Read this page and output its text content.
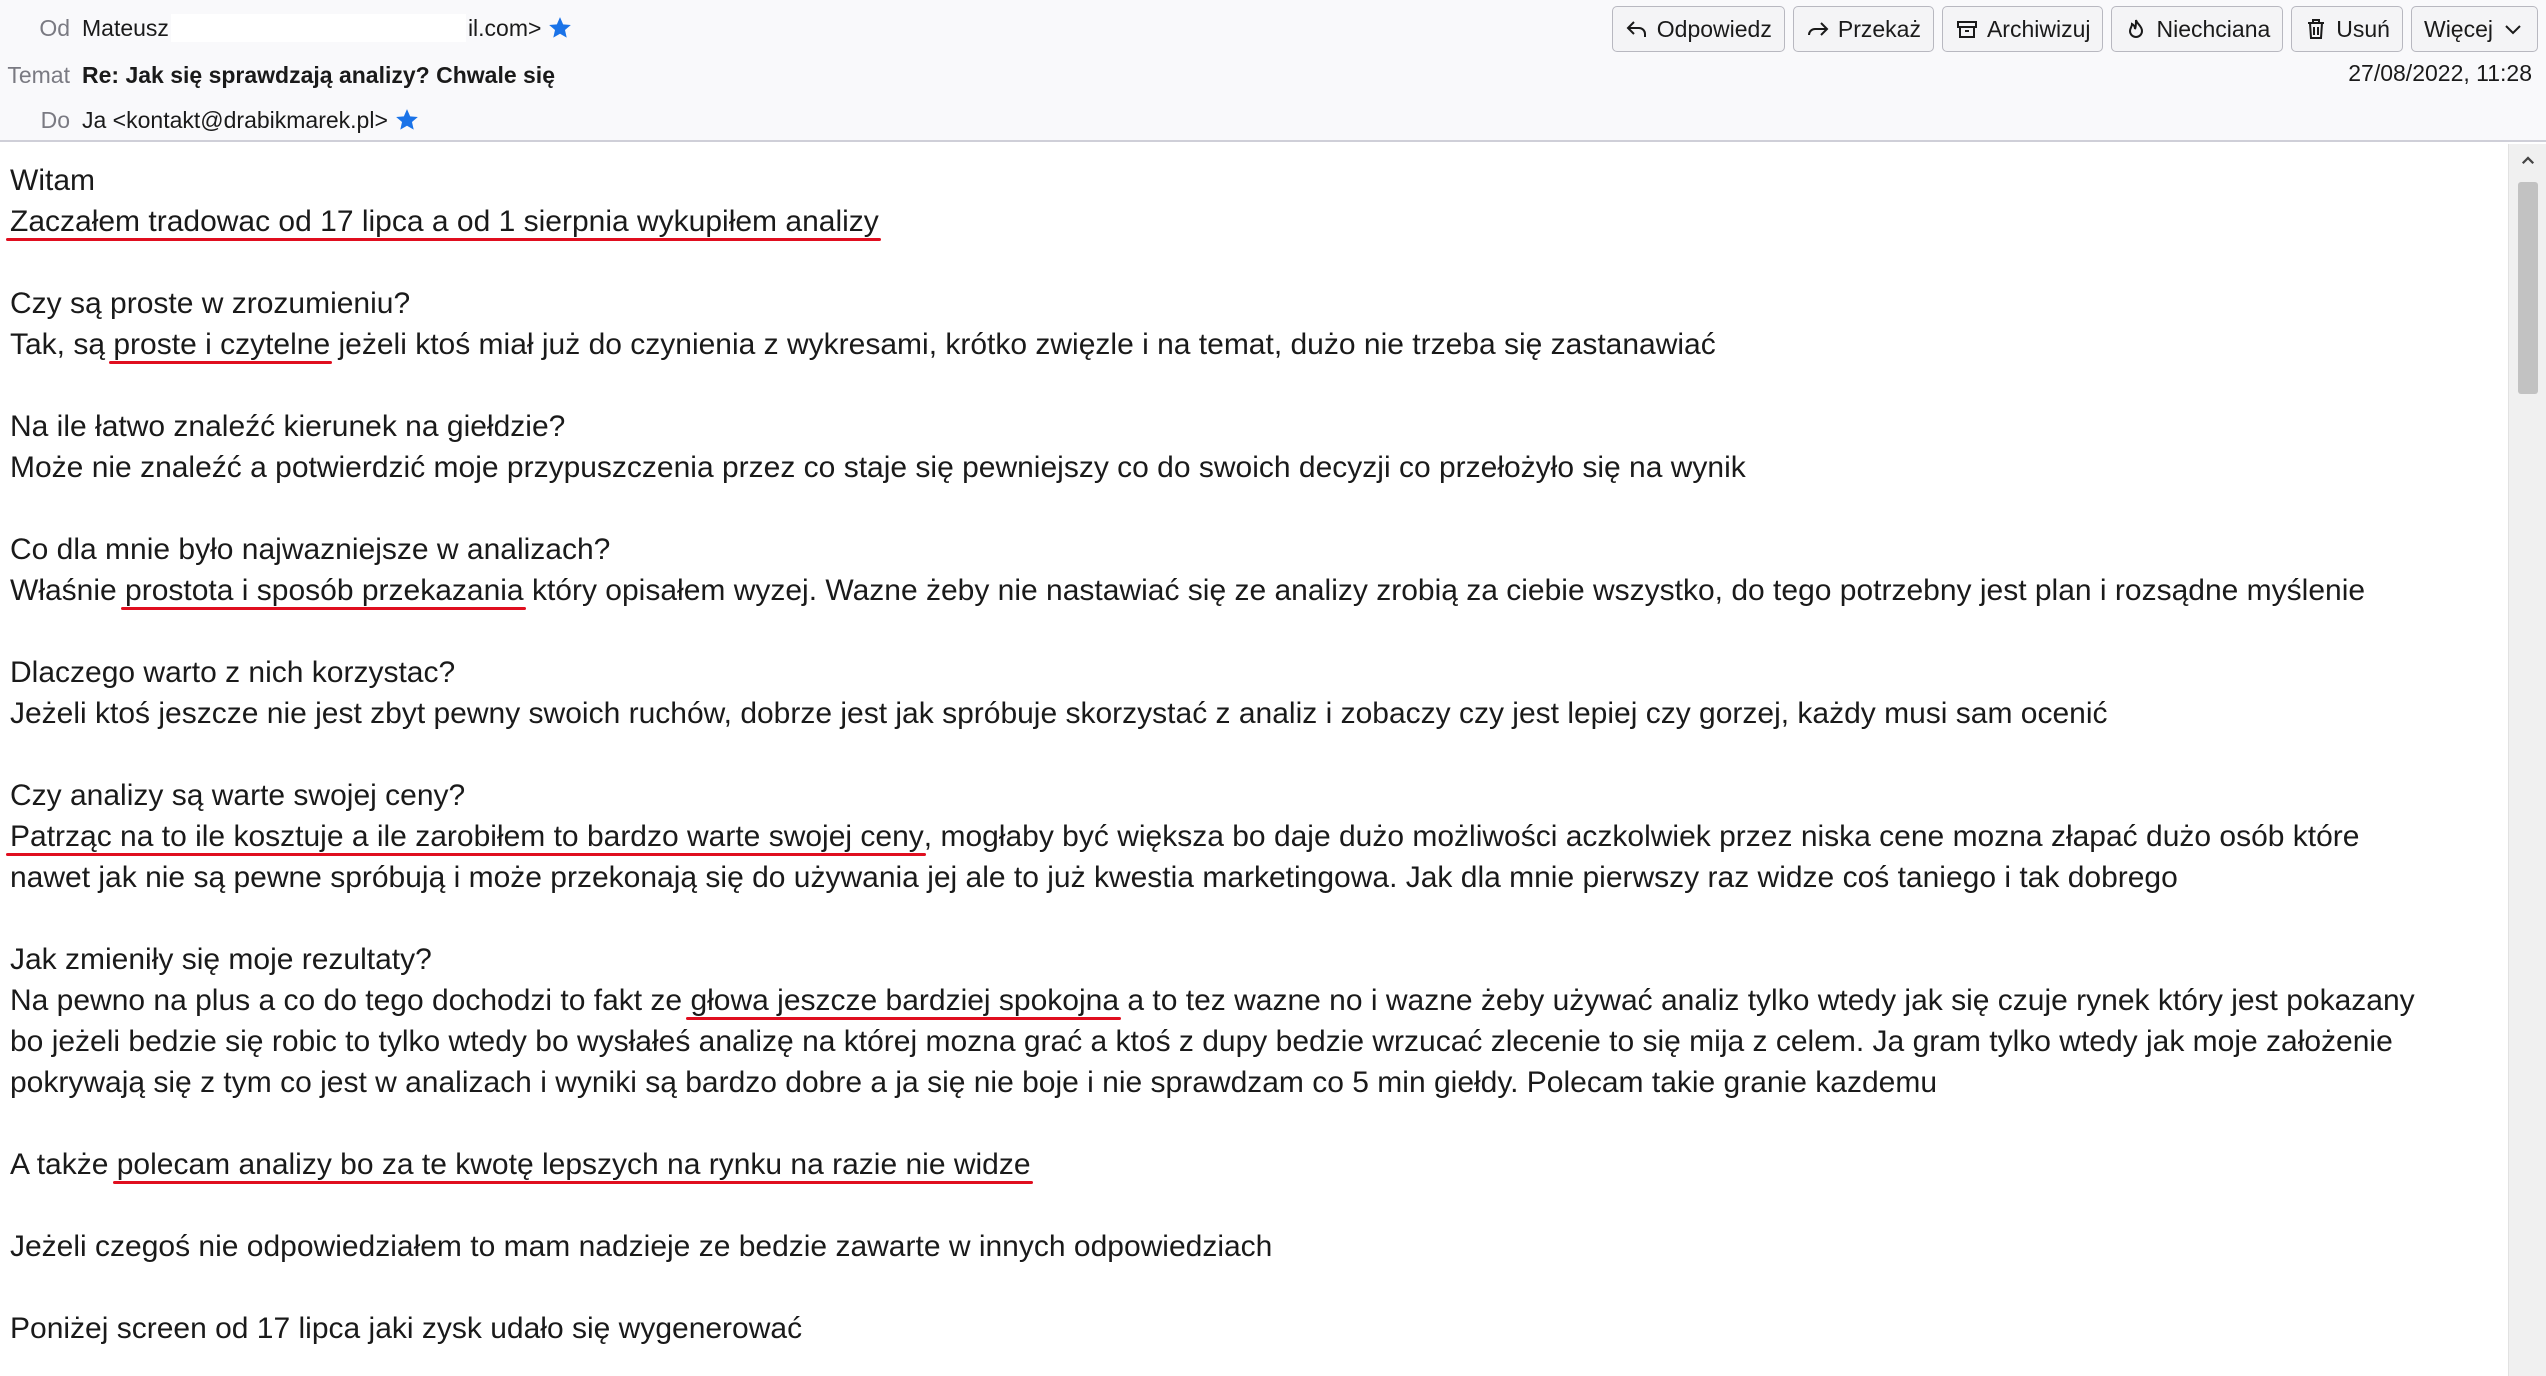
Od Mateusz	il.com>
Temat Re: Jak się sprawdzają analizy? Chwale się
Do Ja <kontakt@drabikmarek.pl>
Odpowiedz	Przekaż	Archiwizuj	Niechciana	Usuń Więcej
27/08/2022, 11:28

Witam

Zaczałem tradowac od 17 lipca a od 1 sierpnia wykupiłem analizy

Czy są proste w zrozumieniu?

Tak, są proste i czytelne jeżeli ktoś miał już do czynienia z wykresami, krótko zwięzle i na temat, dużo nie trzeba się zastanawiać

Na ile łatwo znaleźć kierunek na giełdzie?

Może nie znaleźć a potwierdzić moje przypuszczenia przez co staje się pewniejszy co do swoich decyzji co przełożyło się na wynik

Co dla mnie było najwazniejsze w analizach?

Właśnie prostota i sposób przekazania który opisałem wyzej. Wazne żeby nie nastawiać się ze analizy zrobią za ciebie wszystko, do tego potrzebny jest plan i rozsądne myślenie

Dlaczego warto z nich korzystac?

Jeżeli ktoś jeszcze nie jest zbyt pewny swoich ruchów, dobrze jest jak spróbuje skorzystać z analiz i zobaczy czy jest lepiej czy gorzej, każdy musi sam ocenić

Czy analizy są warte swojej ceny?

Patrząc na to ile kosztuje a ile zarobiłem to bardzo warte swojej ceny, mogłaby być większa bo daje dużo możliwości aczkolwiek przez niska cene mozna złapać dużo osób które

nawet jak nie są pewne spróbują i może przekonają się do używania jej ale to już kwestia marketingowa. Jak dla mnie pierwszy raz widze coś taniego i tak dobrego

Jak zmieniły się moje rezultaty?

Na pewno na plus a co do tego dochodzi to fakt ze głowa jeszcze bardziej spokojna a to tez wazne no i wazne żeby używać analiz tylko wtedy jak się czuje rynek który jest pokazany

bo jeżeli bedzie się robic to tylko wtedy bo wysłałeś analizę na której mozna grać a ktoś z dupy bedzie wrzucać zlecenie to się mija z celem. Ja gram tylko wtedy jak moje założenie

pokrywają się z tym co jest w analizach i wyniki są bardzo dobre a ja się nie boje i nie sprawdzam co 5 min giełdy. Polecam takie granie kazdemu

A także polecam analizy bo za te kwotę lepszych na rynku na razie nie widze

Jeżeli czegoś nie odpowiedziałem to mam nadzieje ze bedzie zawarte w innych odpowiedziach

Poniżej screen od 17 lipca jaki zysk udało się wygenerować
